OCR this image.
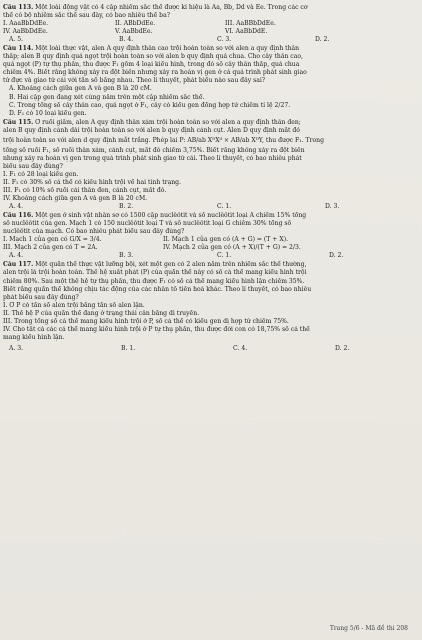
Câu 113. Một loài động vật có 4 cặp nhiễm sắc thể được kí hiệu là Aa, Bb, Dd và Ee. Trong các cơ
thể có bộ nhiễm sắc thể sau đây, có bao nhiêu thể ba?
I. AaaBbDdEe.	II. ABbDdEe.	III. AaBBbDdEe.
IV. AaBbDdEe.	V. AaBbdEe.	VI. AaBbDdE.
A. 5.	B. 4.	C. 3.	D. 2.
Câu 114. Một loài thực vật, alen A quy định thân cao trội hoàn toàn so với alen a quy định thân
thấp; alen B quy định quả ngọt trội hoàn toàn so với alen b quy định quả chua. Cho cây thân cao,
quả ngọt (P) tự thụ phấn, thu được F₁ gồm 4 loại kiểu hình, trong đó số cây thân thấp, quả chua
chiếm 4%. Biết rằng không xảy ra đột biến nhưng xảy ra hoán vị gen ở cả quá trình phát sinh giao
tử đực và giao tử cái với tần số bằng nhau. Theo lí thuyết, phát biểu nào sau đây sai?
A. Khoảng cách giữa gen A và gen B là 20 cM.
B. Hai cặp gen đang xét cùng nằm trên một cặp nhiễm sắc thể.
C. Trong tổng số cây thân cao, quả ngọt ở F₁, cây có kiểu gen đồng hợp tử chiếm tỉ lệ 2/27.
D. F₁ có 10 loại kiểu gen.
Câu 115. Ở ruồi giấm, alen A quy định thân xám trội hoàn toàn so với alen a quy định thân đen;
alen B quy định cánh dài trội hoàn toàn so với alen b quy định cánh cụt. Alen D quy định mắt đỏ
trội hoàn toàn so với alen d quy định mắt trắng. Phép lai P: AB/ab XᴰXᵈ × AB/ab XᴰY, thu được F₁. Trong
tổng số ruồi F₁, số ruồi thân xám, cánh cụt, mắt đỏ chiếm 3,75%. Biết rằng không xảy ra đột biến
nhưng xảy ra hoán vị gen trong quá trình phát sinh giao tử cái. Theo lí thuyết, có bao nhiêu phát
biểu sau đây đúng?
I. F₁ có 28 loại kiểu gen.
II. F₁ có 30% số cá thể có kiểu hình trội về hai tính trạng.
III. F₁ có 10% số ruồi cái thân đen, cánh cụt, mắt đỏ.
IV. Khoảng cách giữa gen A và gen B là 20 cM.
A. 4.	B. 2.	C. 1.	D. 3.
Câu 116. Một gen ở sinh vật nhân sơ có 1500 cặp nuclêôtit và số nuclêôtit loại A chiếm 15% tổng
số nuclêôtit của gen. Mạch 1 có 150 nuclêôtit loại T và số nuclêôtit loại G chiếm 30% tổng số
nuclêôtit của mạch. Có bao nhiêu phát biểu sau đây đúng?
I. Mạch 1 của gen có G/X = 3/4.	II. Mạch 1 của gen có (A + G) = (T + X).
III. Mạch 2 của gen có T = 2A.	IV. Mạch 2 của gen có (A + X)/(T + G) = 2/3.
A. 4.	B. 3.	C. 1.	D. 2.
Câu 117. Một quần thể thực vật lưỡng bội, xét một gen có 2 alen nằm trên nhiễm sắc thể thường,
alen trội là trội hoàn toàn. Thế hệ xuất phát (P) của quần thể này có số cá thể mang kiểu hình trội
chiếm 80%. Sau một thế hệ tự thụ phấn, thu được F₁ có số cá thể mang kiểu hình lặn chiếm 35%.
Biết rằng quần thể không chịu tác động của các nhân tố tiến hoá khác. Theo lí thuyết, có bao nhiêu
phát biểu sau đây đúng?
I. Ở P có tần số alen trội bằng tần số alen lặn.
II. Thế hệ P của quần thể đang ở trạng thái cân bằng di truyền.
III. Trong tổng số cá thể mang kiểu hình trội ở P, số cá thể có kiểu gen dị hợp tử chiếm 75%.
IV. Cho tất cả các cá thể mang kiểu hình trội ở P tự thụ phấn, thu được đời con có 18,75% số cá thể
mang kiểu hình lặn.
A. 3.	B. 1.	C. 4.	D. 2.
Trang 5/6 - Mã đề thi 208
